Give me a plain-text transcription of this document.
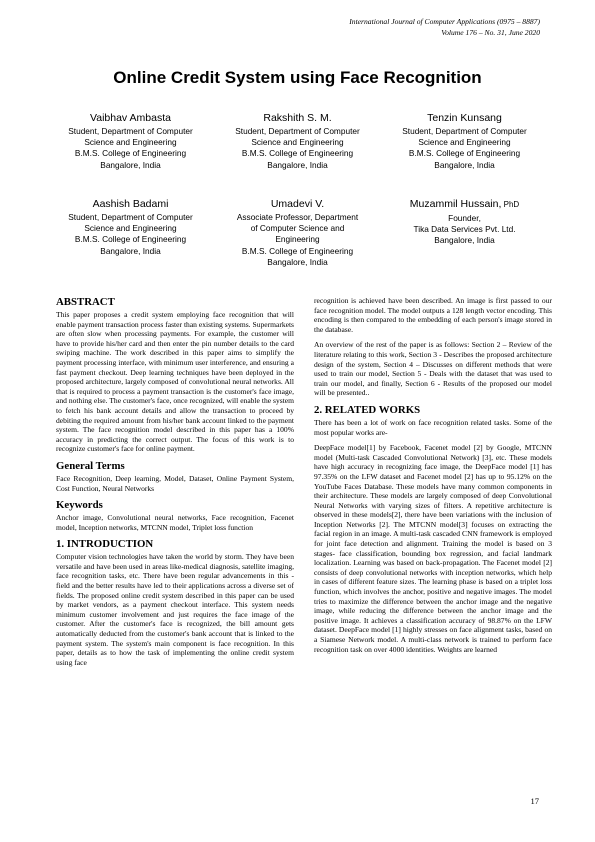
International Journal of Computer Applications (0975 – 8887)
Volume 176 – No. 31, June 2020
Online Credit System using Face Recognition
Vaibhav Ambasta
Student, Department of Computer
Science and Engineering
B.M.S. College of Engineering
Bangalore, India
Rakshith S. M.
Student, Department of Computer
Science and Engineering
B.M.S. College of Engineering
Bangalore, India
Tenzin Kunsang
Student, Department of Computer
Science and Engineering
B.M.S. College of Engineering
Bangalore, India
Aashish Badami
Student, Department of Computer
Science and Engineering
B.M.S. College of Engineering
Bangalore, India
Umadevi V.
Associate Professor, Department
of Computer Science and
Engineering
B.M.S. College of Engineering
Bangalore, India
Muzammil Hussain, PhD
Founder,
Tika Data Services Pvt. Ltd.
Bangalore, India
ABSTRACT

This paper proposes a credit system employing face recognition that will enable payment transaction process faster than existing systems. Supermarkets are often slow when processing payments. For example, the customer will have to provide his/her card and then enter the pin number details to the card swiping machine. The work described in this paper aims to simplify the payment processing interface, with minimum user interference, and ensuring a fast payment checkout. Deep learning techniques have been deployed in the proposed architecture, largely composed of convolutional neural networks. All that is required to process a payment transaction is the customer's face image, and nothing else. The customer's face, once recognized, will enable the system to fetch his bank account details and allow the transaction to proceed by debiting the required amount from his/her bank account linked to the payment system. The face recognition model described in this paper has a 100% accuracy in predicting the correct output. The focus of this work is to recognize customer's face for online payment.

General Terms

Face Recognition, Deep learning, Model, Dataset, Online Payment System, Cost Function, Neural Networks

Keywords

Anchor image, Convolutional neural networks, Face recognition, Facenet model, Inception networks, MTCNN model, Triplet loss function

1. INTRODUCTION

Computer vision technologies have taken the world by storm. They have been versatile and have been used in areas like-medical diagnosis, satellite imaging, face recognition tasks, etc. There have been regular advancements in this -field and the better results have led to their applications across a diverse set of fields. The proposed online credit system described in this paper can be used by market vendors, as a payment checkout interface. This system needs minimum customer involvement and just requires the face image of the customer. After the customer's face is recognized, the bill amount gets automatically deducted from the customer's bank account that is linked to the payment system. The system's main component is face recognition. In this paper, details as to how the task of implementing the online credit system using face

recognition is achieved have been described. An image is first passed to our face recognition model. The model outputs a 128 length vector encoding. This encoding is then compared to the embedding of each person's image stored in the database.

An overview of the rest of the paper is as follows: Section 2 – Review of the literature relating to this work, Section 3 - Describes the proposed architecture design of the system, Section 4 – Discusses on different methods that were used to train our model, Section 5 - Deals with the dataset that was used to train our model, and finally, Section 6 - Results of the proposed our model will be presented..

2. RELATED WORKS

There has been a lot of work on face recognition related tasks. Some of the most popular works are-

DeepFace model[1] by Facebook, Facenet model [2] by Google, MTCNN model (Multi-task Cascaded Convolutional Network) [3], etc. These models have high accuracy in recognizing face image, the DeepFace model [1] has 97.35% on the LFW dataset and Facenet model [2] has up to 95.12% on the YouTube Faces Database. These models have many common components in their architecture. These models are largely composed of deep Convolutional Neural Networks with varying sizes of filters. A repetitive architecture is observed in these models[2], there have been variations with the inclusion of Inception Networks [2]. The MTCNN model[3] focuses on extracting the facial region in an image. A multi-task cascaded CNN framework is employed for joint face detection and alignment. Training the model is based on 3 stages- face classification, bounding box regression, and facial landmark localization. Learning was based on back-propagation. The Facenet model [2] consists of deep convolutional networks with inception networks, which help in cases of different feature sizes. The learning phase is based on a triplet loss function, which involves the anchor, positive and negative images. The model tries to maximize the difference between the anchor image and the negative image, while reducing the difference between the anchor image and the positive image. It achieves a classification accuracy of 98.87% on the LFW dataset. DeepFace model [1] highly stresses on face alignment tasks, based on a Siamese Network model. A multi-class network is trained to perform face recognition task on over 4000 identities. Weights are learned

17
